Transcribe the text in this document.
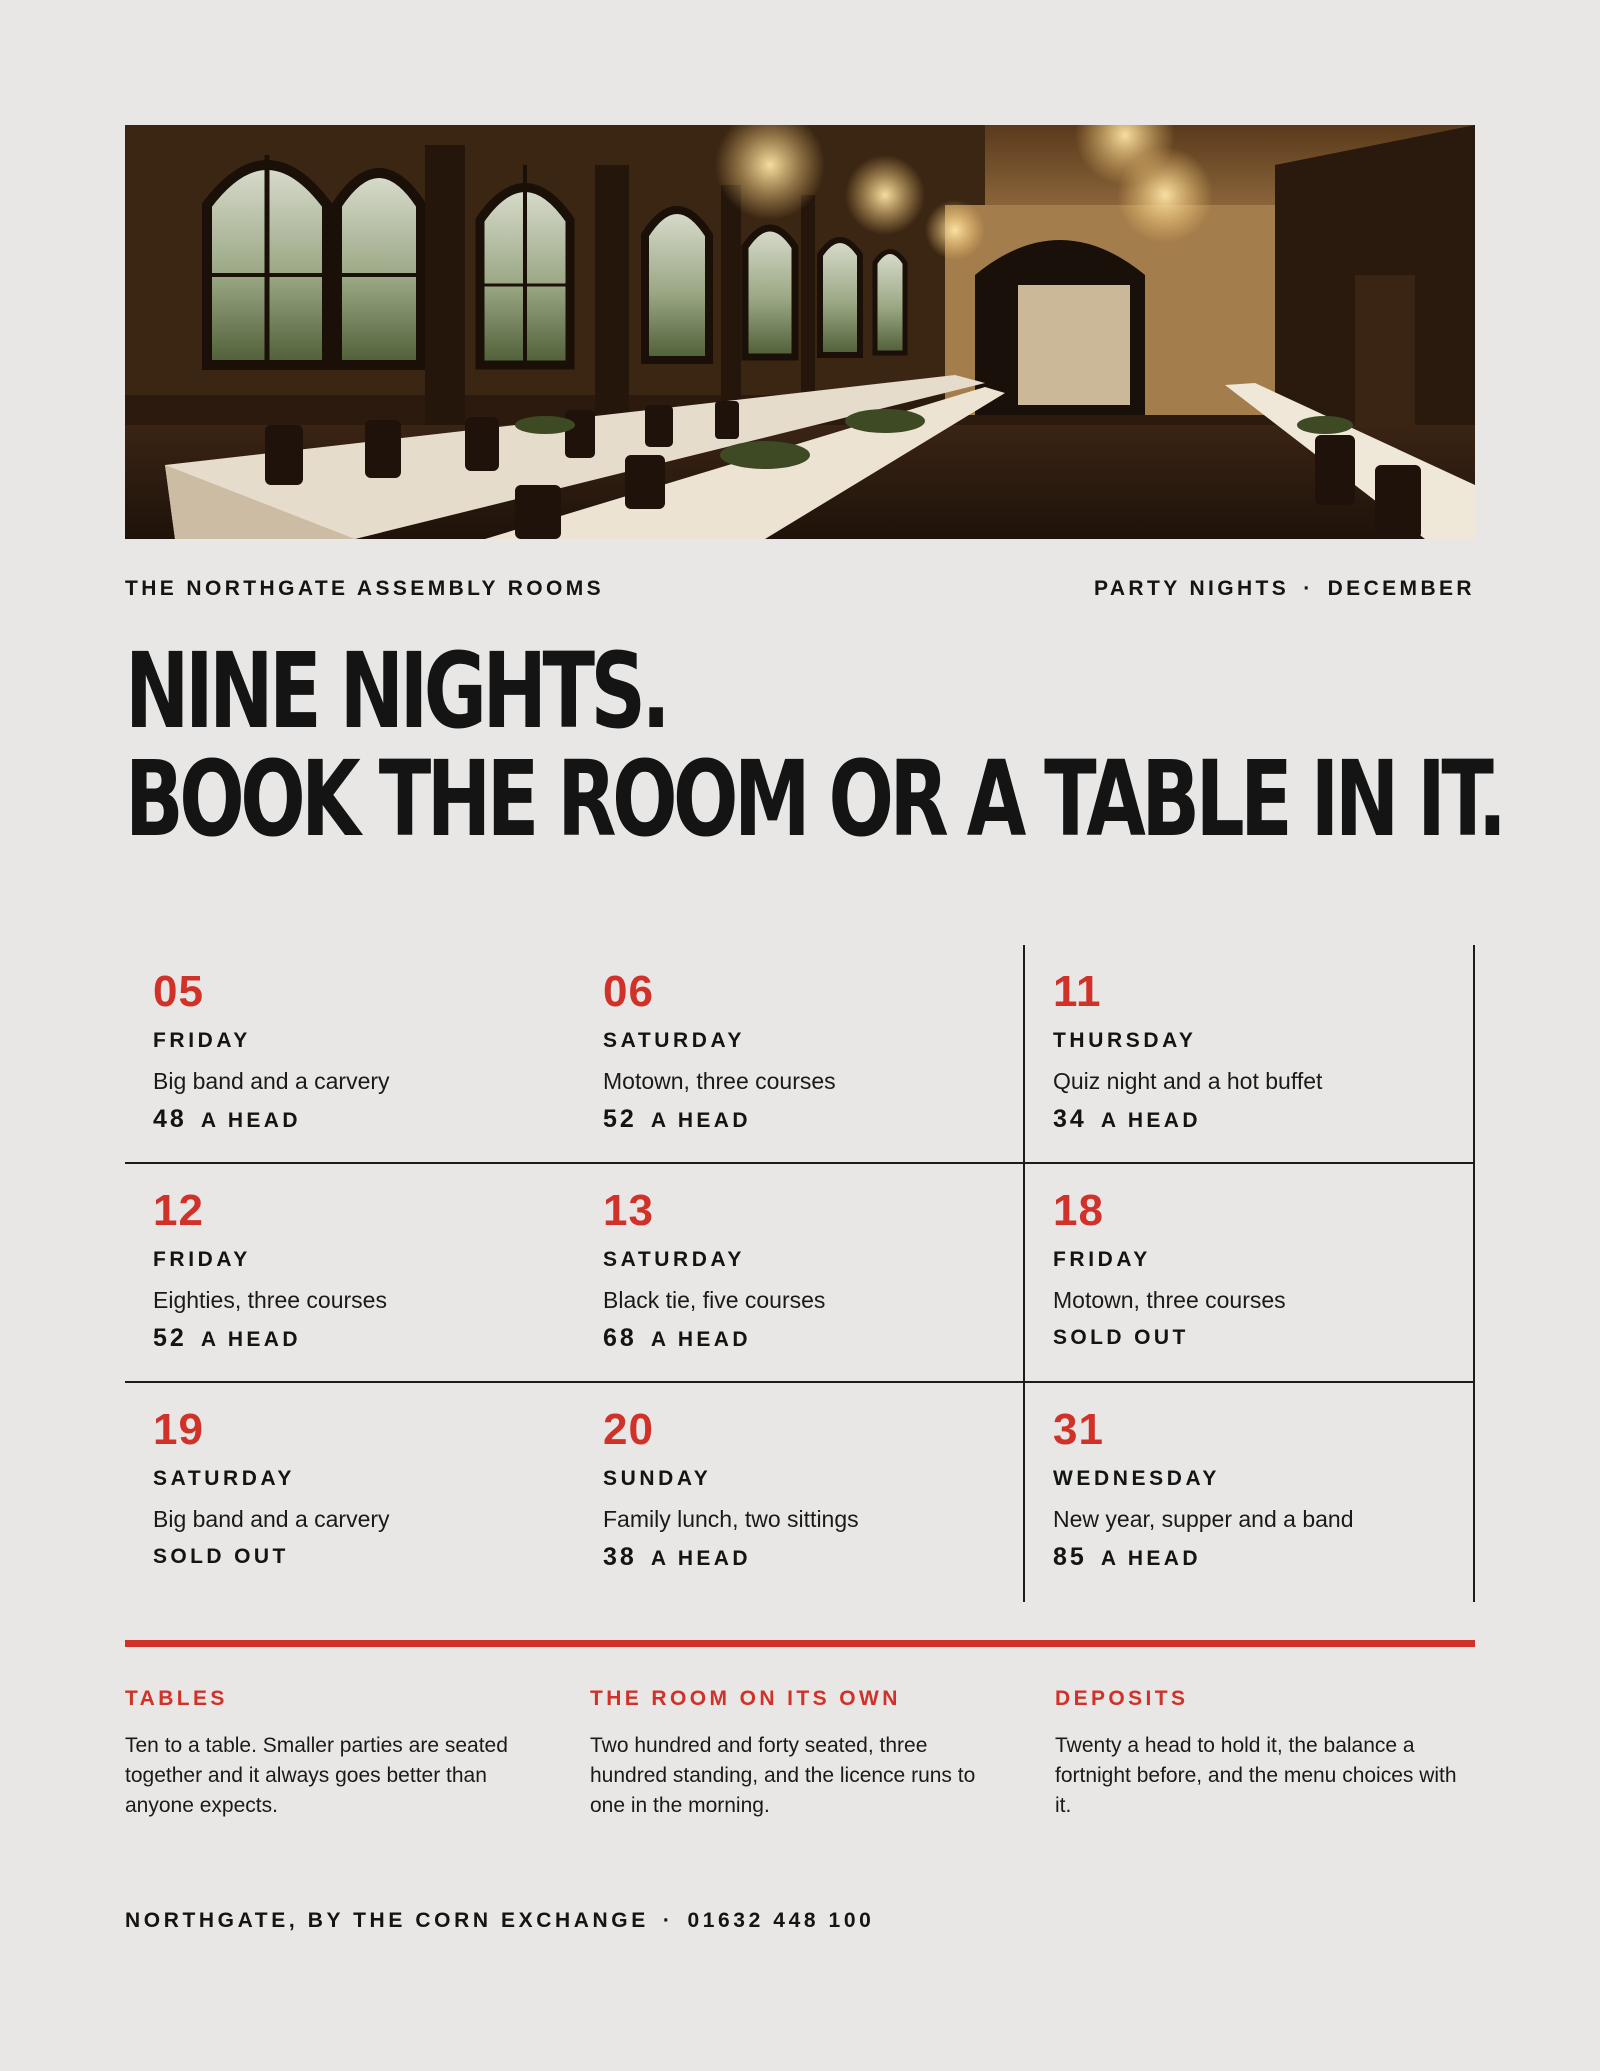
THE NORTHGATE ASSEMBLY ROOMS	PARTY NIGHTS · DECEMBER
NINE NIGHTS.
BOOK THE ROOM OR A TABLE IN IT.
05
FRIDAY
Big band and a carvery
48 A HEAD
06
SATURDAY
Motown, three courses
52 A HEAD
11
THURSDAY
Quiz night and a hot buffet
34 A HEAD
12
FRIDAY
Eighties, three courses
52 A HEAD
13
SATURDAY
Black tie, five courses
68 A HEAD
18
FRIDAY
Motown, three courses
SOLD OUT
19
SATURDAY
Big band and a carvery
SOLD OUT
20
SUNDAY
Family lunch, two sittings
38 A HEAD
31
WEDNESDAY
New year, supper and a band
85 A HEAD
TABLES
Ten to a table. Smaller parties are seated together and it always goes better than anyone expects.
THE ROOM ON ITS OWN
Two hundred and forty seated, three hundred standing, and the licence runs to one in the morning.
DEPOSITS
Twenty a head to hold it, the balance a fortnight before, and the menu choices with it.
NORTHGATE, BY THE CORN EXCHANGE · 01632 448 100
